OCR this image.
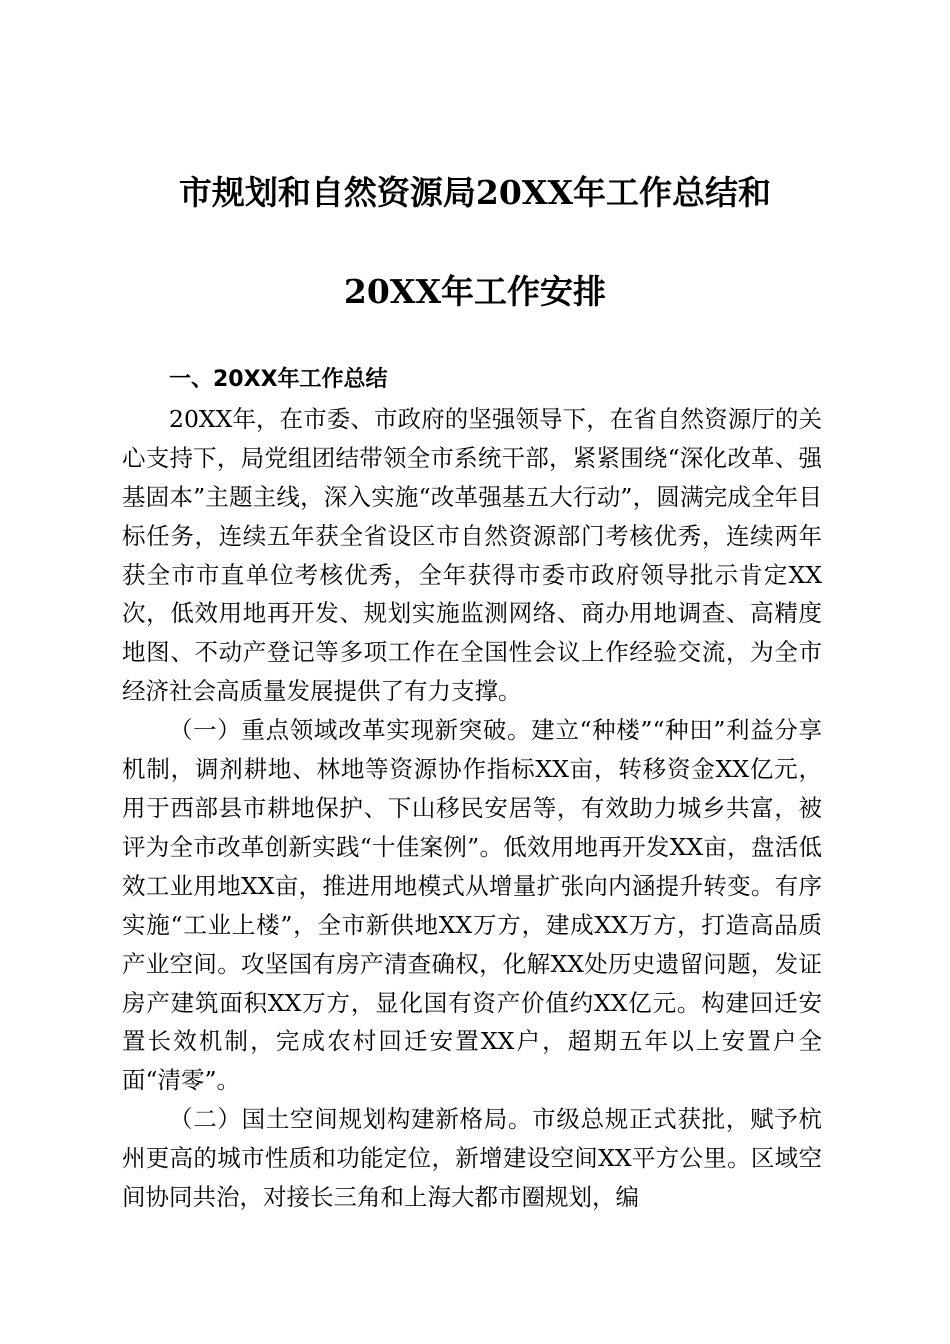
市规划和自然资源局20XX年工作总结和
20XX年工作安排

一、20XX年工作总结

20XX年，在市委、市政府的坚强领导下，在省自然资源厅的关心支持下，局党组团结带领全市系统干部，紧紧围绕“深化改革、强基固本”主题主线，深入实施“改革强基五大行动”，圆满完成全年目标任务，连续五年获全省设区市自然资源部门考核优秀，连续两年获全市市直单位考核优秀，全年获得市委市政府领导批示肯定XX次，低效用地再开发、规划实施监测网络、商办用地调查、高精度地图、不动产登记等多项工作在全国性会议上作经验交流，为全市经济社会高质量发展提供了有力支撑。

（一）重点领域改革实现新突破。建立“种楼”“种田”利益分享机制，调剂耕地、林地等资源协作指标XX亩，转移资金XX亿元，用于西部县市耕地保护、下山移民安居等，有效助力城乡共富，被评为全市改革创新实践“十佳案例”。低效用地再开发XX亩，盘活低效工业用地XX亩，推进用地模式从增量扩张向内涵提升转变。有序实施“工业上楼”，全市新供地XX万方，建成XX万方，打造高品质产业空间。攻坚国有房产清查确权，化解XX处历史遗留问题，发证房产建筑面积XX万方，显化国有资产价值约XX亿元。构建回迁安置长效机制，完成农村回迁安置XX户，超期五年以上安置户全面“清零”。

（二）国土空间规划构建新格局。市级总规正式获批，赋予杭州更高的城市性质和功能定位，新增建设空间XX平方公里。区域空间协同共治，对接长三角和上海大都市圈规划，编
